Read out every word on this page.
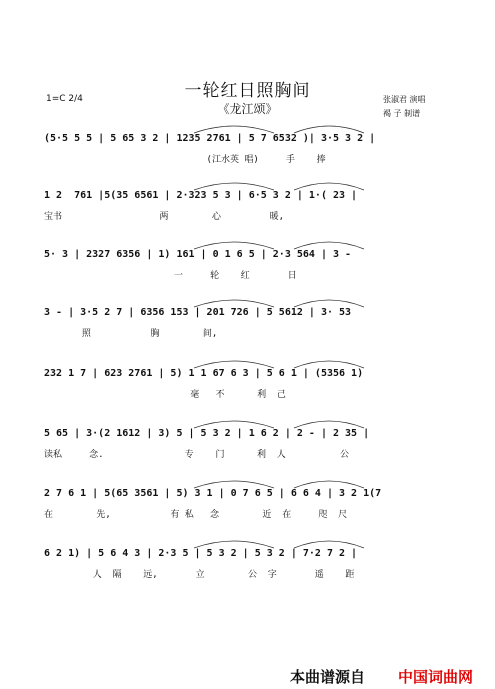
一轮红日照胸间
《龙江颂》
1=C 2/4	张淑君 演唱
褐 子 制谱
(5·5 5 5 | 5 65 3 2 | 1235 2761 | 5 7 6532 )| 3·5 3 2 |
(江水英 唱)     手    捧
1 2  761 |5(35 6561 | 2·323 5 3 | 6·5 3 2 | 1·( 23 |
宝书                  两        心         暖,
5· 3 | 2327 6356 | 1) 161 | 0 1 6 5 | 2·3 564 | 3 -
一     轮    红       日
3 - | 3·5 2 7 | 6356 153 | 201 726 | 5 5612 | 3· 53
照           胸        间,
232 1 7 | 623 2761 | 5) 1 1 67 6 3 | 5 6 1 | (5356 1)
毫   不      利  己
5 65 | 3·(2 1612 | 3) 5 | 5 3 2 | 1 6 2 | 2 - | 2 35 |
读私     念.               专    门      利  人          公
2 7 6 1 | 5(65 3561 | 5) 3 1 | 0 7 6 5 | 6 6 4 | 3 2 1(7
在        先,           有 私   念        近  在     咫  尺
6 2 1) | 5 6 4 3 | 2·3 5 | 5 3 2 | 5 3 2 | 7·2 7 2 |
人  隔    远,       立        公  字       遥    距
本曲谱源自 中国词曲网
